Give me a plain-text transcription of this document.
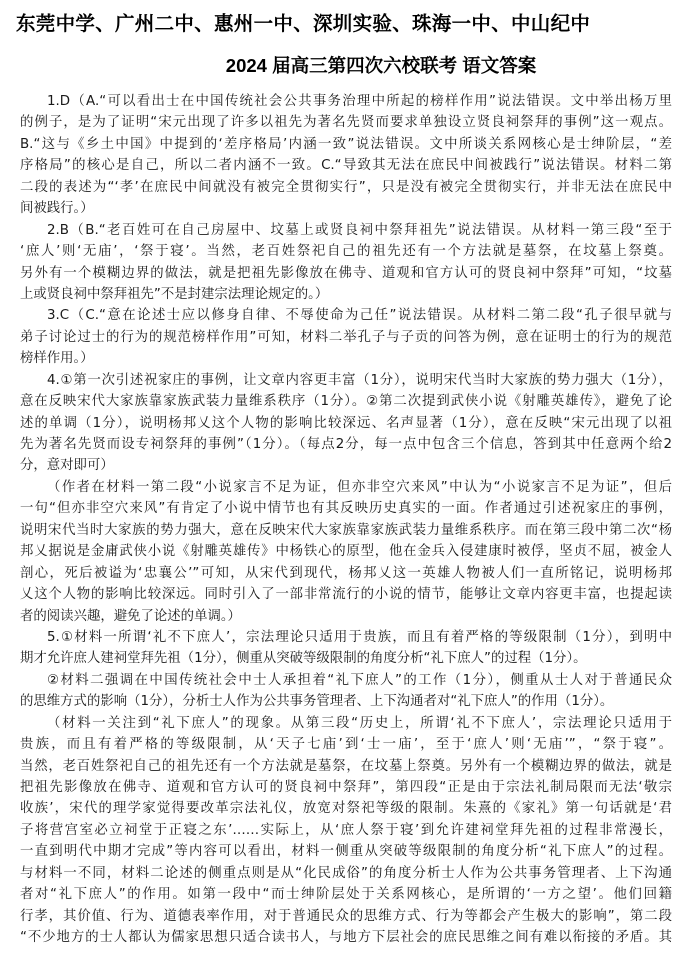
东莞中学、广州二中、惠州一中、深圳实验、珠海一中、中山纪中
2024 届高三第四次六校联考 语文答案
1.D（A.“可以看出士在中国传统社会公共事务治理中所起的榜样作用”说法错误。文中举出杨万里
的例子，是为了证明“宋元出现了许多以祖先为著名先贤而要求单独设立贤良祠祭拜的事例”这一观点。
B.“这与《乡土中国》中提到的‘差序格局’内涵一致”说法错误。文中所谈关系网核心是士绅阶层，“差
序格局”的核心是自己，所以二者内涵不一致。C.“导致其无法在庶民中间被践行”说法错误。材料二第
二段的表述为“‘孝’在庶民中间就没有被完全贯彻实行”，只是没有被完全贯彻实行，并非无法在庶民中
间被践行。）
2.B（B.“老百姓可在自己房屋中、坟墓上或贤良祠中祭拜祖先”说法错误。从材料一第三段“至于
‘庶人’则‘无庙’，‘祭于寝’。当然，老百姓祭祀自己的祖先还有一个方法就是墓祭，在坟墓上祭奠。
另外有一个模糊边界的做法，就是把祖先影像放在佛寺、道观和官方认可的贤良祠中祭拜”可知，“坟墓
上或贤良祠中祭拜祖先”不是封建宗法理论规定的。）
3.C（C.“意在论述士应以修身自律、不辱使命为己任”说法错误。从材料二第二段“孔子很早就与
弟子讨论过士的行为的规范榜样作用”可知，材料二举孔子与子贡的问答为例，意在证明士的行为的规范
榜样作用。）
4.①第一次引述祝家庄的事例，让文章内容更丰富（1分），说明宋代当时大家族的势力强大（1分），
意在反映宋代大家族靠家族武装力量维系秩序（1分）。②第二次提到武侠小说《射雕英雄传》，避免了论
述的单调（1分），说明杨邦乂这个人物的影响比较深远、名声显著（1分），意在反映“宋元出现了以祖
先为著名先贤而设专祠祭拜的事例”（1分）。（每点2分，每一点中包含三个信息，答到其中任意两个给2
分，意对即可）
（作者在材料一第二段“小说家言不足为证，但亦非空穴来风”中认为“小说家言不足为证”，但后
一句“但亦非空穴来风”有肯定了小说中情节也有其反映历史真实的一面。作者通过引述祝家庄的事例，
说明宋代当时大家族的势力强大，意在反映宋代大家族靠家族武装力量维系秩序。而在第三段中第二次“杨
邦乂据说是金庸武侠小说《射雕英雄传》中杨铁心的原型，他在金兵入侵建康时被俘，坚贞不屈，被金人
剖心，死后被谥为‘忠襄公’”可知，从宋代到现代，杨邦乂这一英雄人物被人们一直所铭记，说明杨邦
乂这个人物的影响比较深远。同时引入了一部非常流行的小说的情节，能够让文章内容更丰富，也提起读
者的阅读兴趣，避免了论述的单调。）
5.①材料一所谓‘礼不下庶人’，宗法理论只适用于贵族，而且有着严格的等级限制（1分），到明中
期才允许庶人建祠堂拜先祖（1分），侧重从突破等级限制的角度分析“礼下庶人”的过程（1分）。
②材料二强调在中国传统社会中士人承担着“礼下庶人”的工作（1分），侧重从士人对于普通民众
的思维方式的影响（1分），分析士人作为公共事务管理者、上下沟通者对“礼下庶人”的作用（1分）。
（材料一关注到“礼下庶人”的现象。从第三段“历史上，所谓‘礼不下庶人’，宗法理论只适用于
贵族，而且有着严格的等级限制，从‘天子七庙’到‘士一庙’，至于‘庶人’则‘无庙’”，“祭于寝”。
当然，老百姓祭祀自己的祖先还有一个方法就是墓祭，在坟墓上祭奠。另外有一个模糊边界的做法，就是
把祖先影像放在佛寺、道观和官方认可的贤良祠中祭拜”，第四段“正是由于宗法礼制局限而无法‘敬宗
收族’，宋代的理学家觉得要改革宗法礼仪，放宽对祭祀等级的限制。朱熹的《家礼》第一句话就是‘君
子将营宫室必立祠堂于正寝之东’……实际上，从‘庶人祭于寝’到允许建祠堂拜先祖的过程非常漫长，
一直到明代中期才完成”等内容可以看出，材料一侧重从突破等级限制的角度分析“礼下庶人”的过程。
与材料一不同，材料二论述的侧重点则是从“化民成俗”的角度分析士人作为公共事务管理者、上下沟通
者对“礼下庶人”的作用。如第一段中“而士绅阶层处于关系网核心，是所谓的‘一方之望’。他们回籍
行孝，其价值、行为、道德表率作用，对于普通民众的思维方式、行为等都会产生极大的影响”，第二段
“不少地方的士人都认为儒家思想只适合读书人，与地方下层社会的庶民思维之间有难以衔接的矛盾。其
